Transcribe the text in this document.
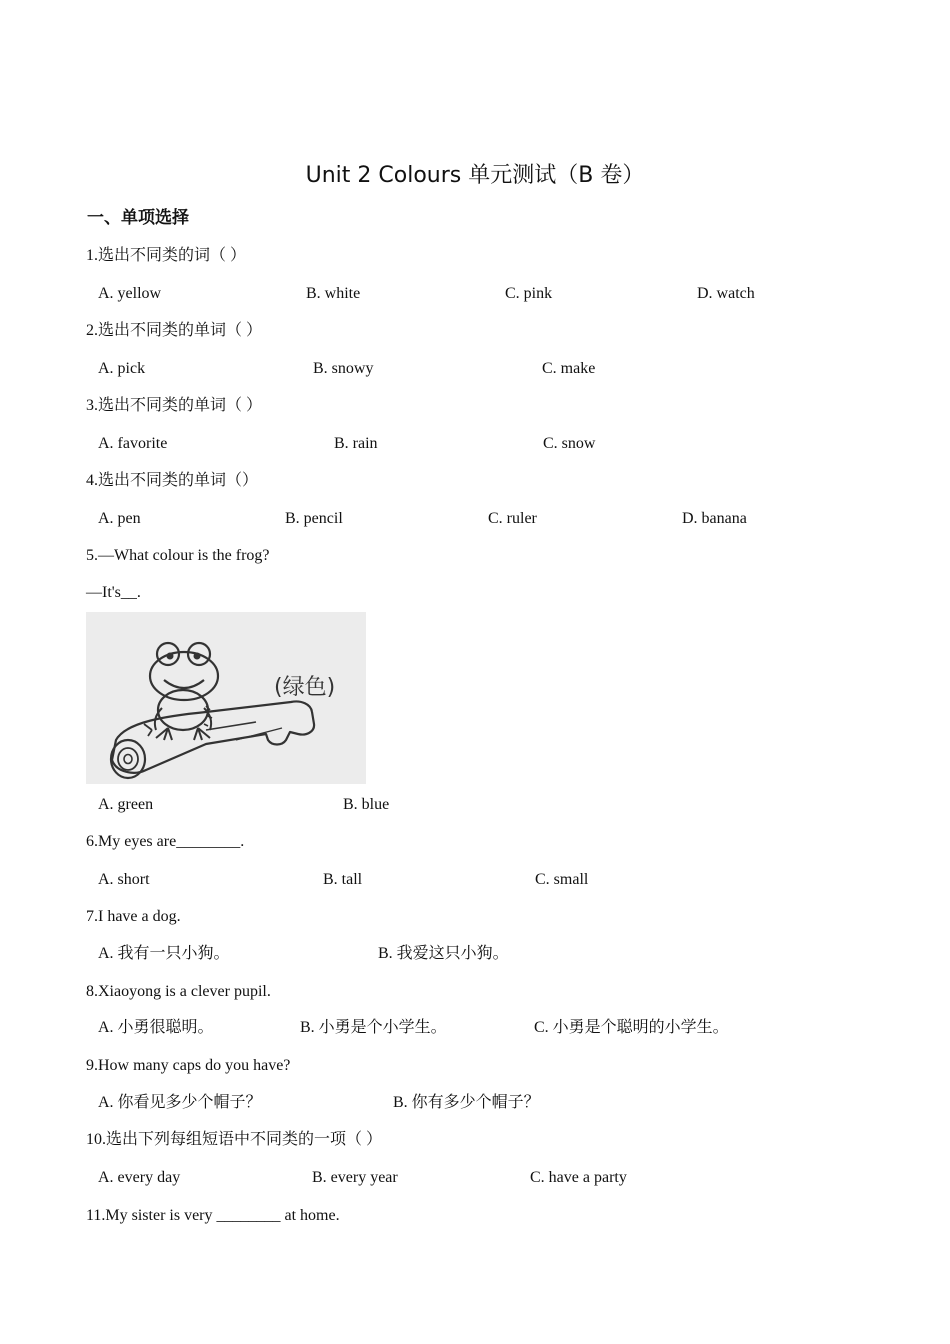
Unit 2 Colours 单元测试（B 卷）
一、单项选择
1.选出不同类的词（ ）
A. yellow	B. white	C. pink	D. watch
2.选出不同类的单词（ ）
A. pick	B. snowy	C. make
3.选出不同类的单词（ ）
A. favorite	B. rain	C. snow
4.选出不同类的单词（）
A. pen	B. pencil	C. ruler	D. banana
5.—What colour is the frog?
—It's__.
(绿色)
A. green	B. blue
6.My eyes are________.
A. short	B. tall	C. small
7.I have a dog.
A. 我有一只小狗。	B. 我爱这只小狗。
8.Xiaoyong is a clever pupil.
A. 小勇很聪明。	B. 小勇是个小学生。	C. 小勇是个聪明的小学生。
9.How many caps do you have?
A. 你看见多少个帽子？	B. 你有多少个帽子？
10.选出下列每组短语中不同类的一项（ ）
A. every day	B. every year	C. have a party
11.My sister is very ________ at home.
